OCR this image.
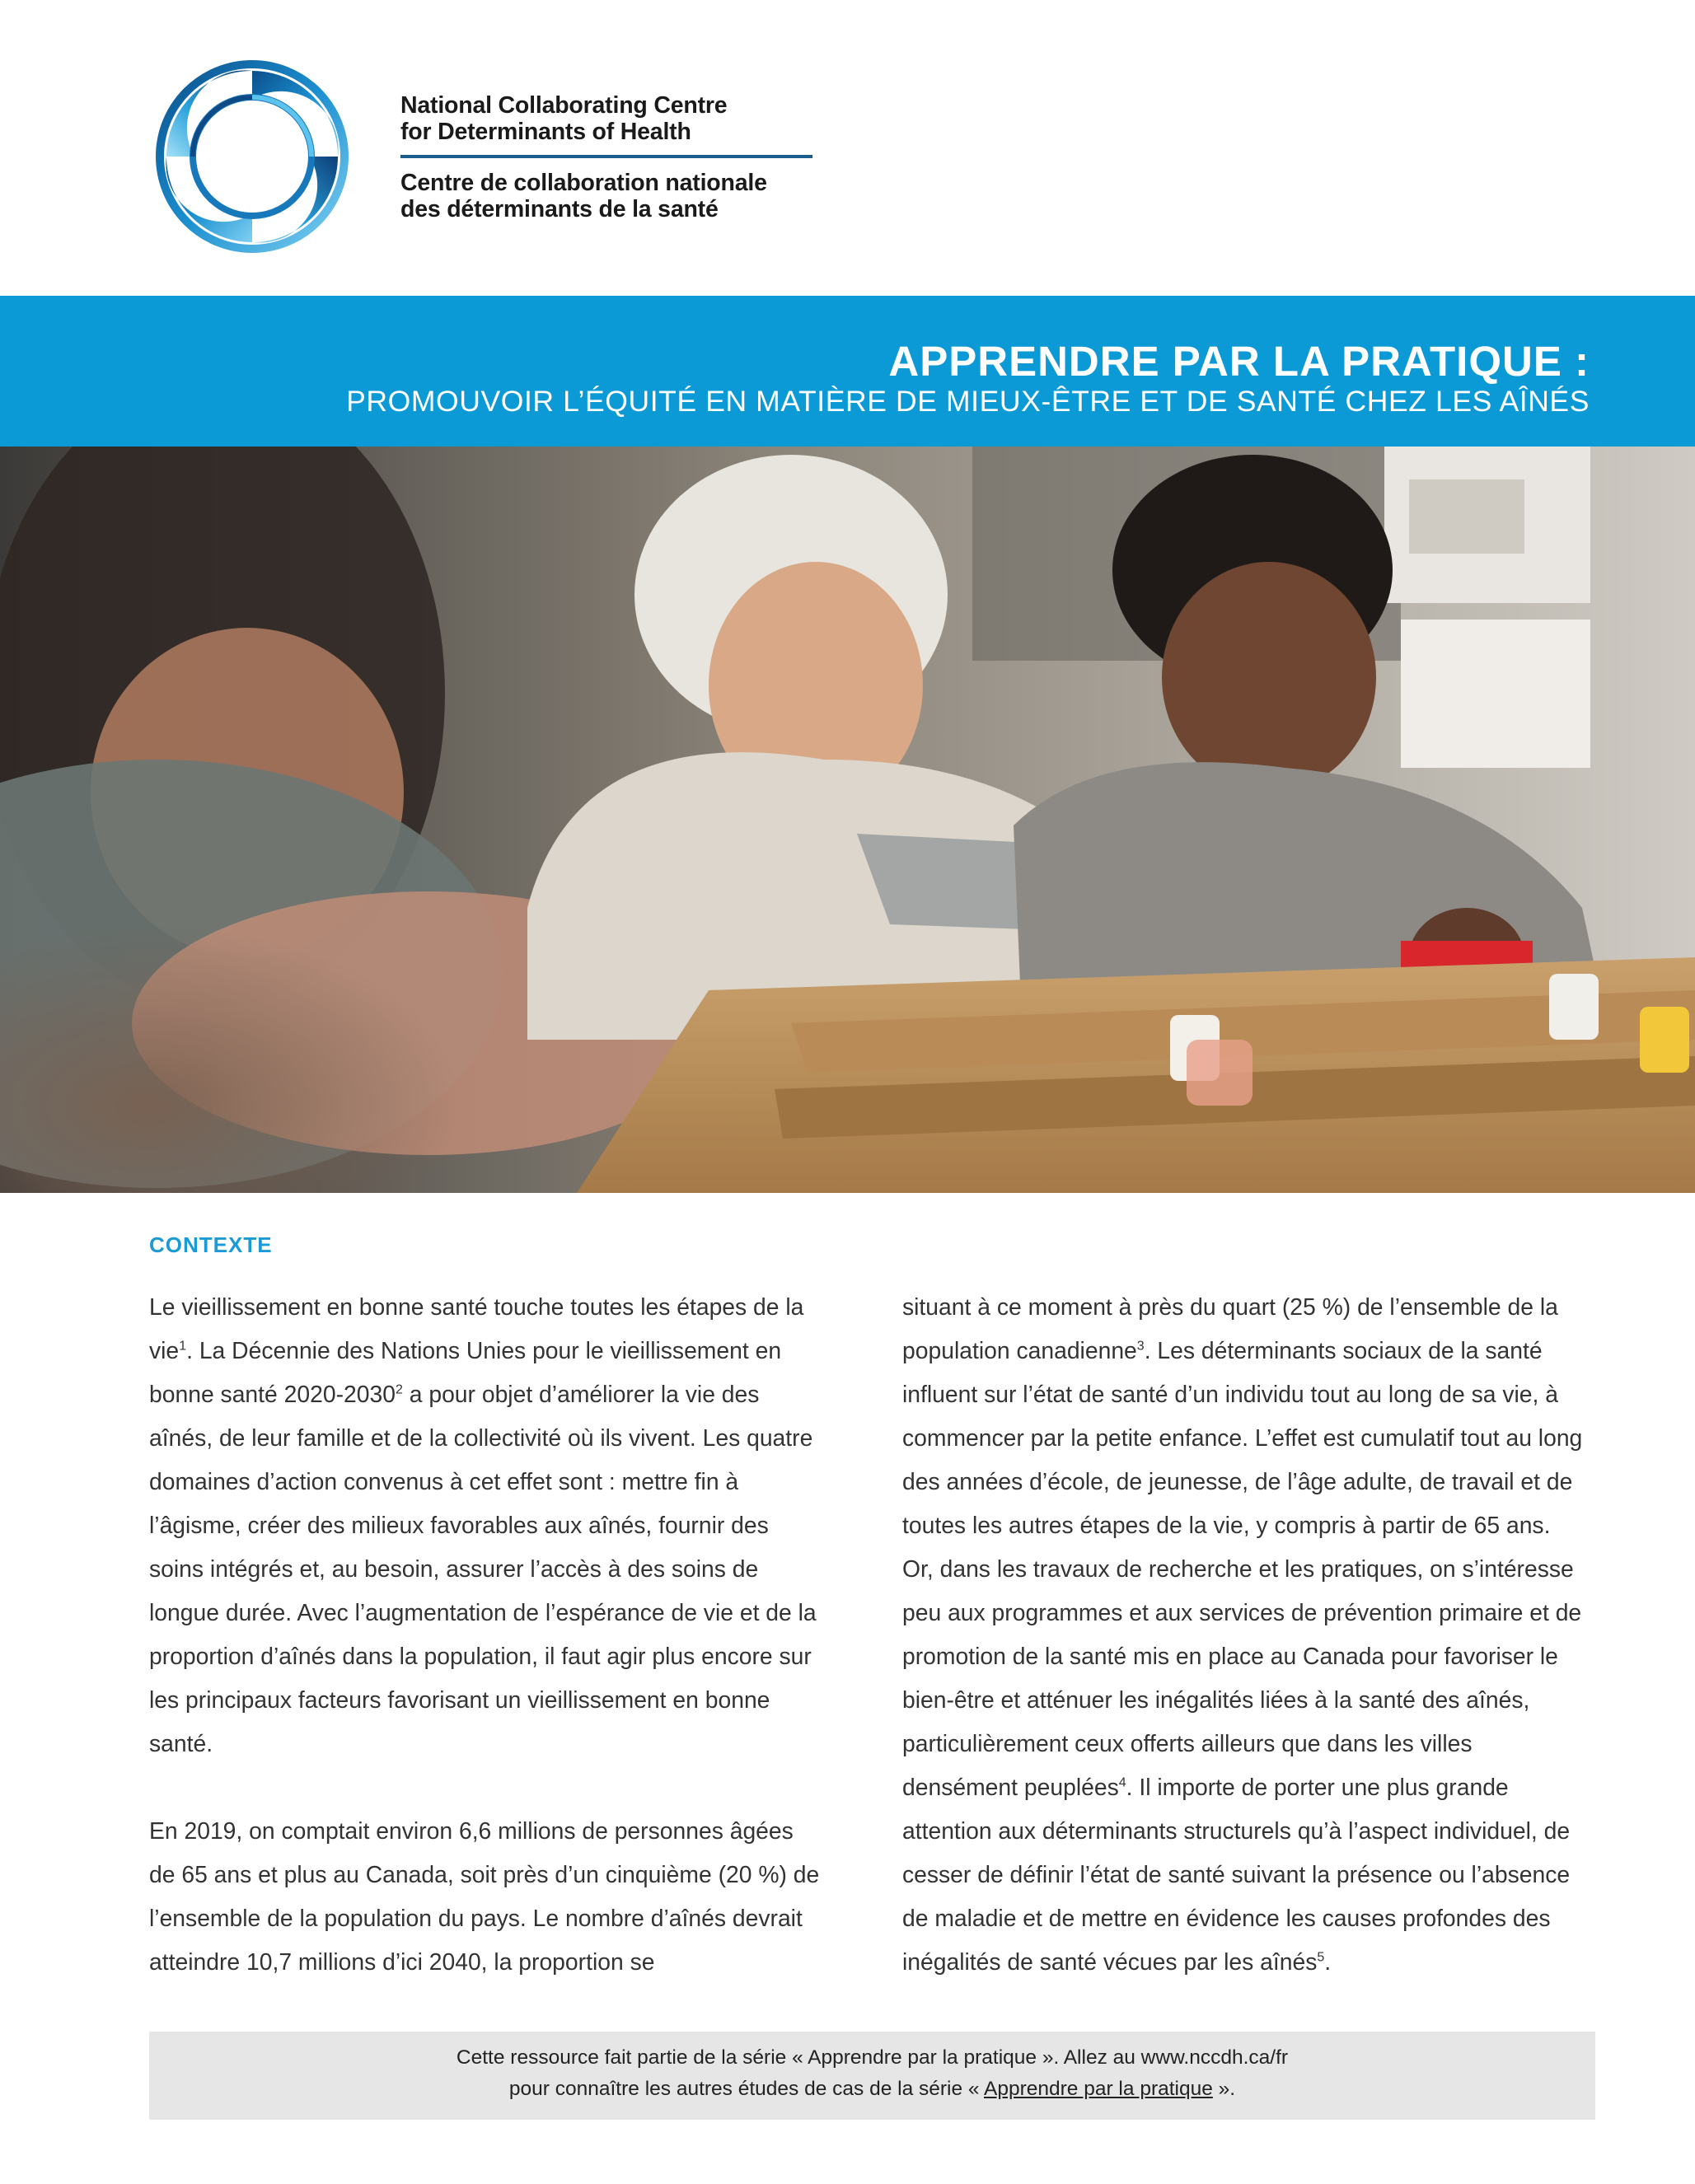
National Collaborating Centre
for Determinants of Health
Centre de collaboration nationale
des déterminants de la santé
APPRENDRE PAR LA PRATIQUE :
PROMOUVOIR L’ÉQUITÉ EN MATIÈRE DE MIEUX-ÊTRE ET DE SANTÉ CHEZ LES AÎNÉS
CONTEXTE

Le vieillissement en bonne santé touche toutes les étapes de la vie$^1$. La Décennie des Nations Unies pour le vieillissement en bonne santé 2020-2030$^2$ a pour objet d’améliorer la vie des aînés, de leur famille et de la collectivité où ils vivent. Les quatre domaines d’action convenus à cet effet sont : mettre fin à l’âgisme, créer des milieux favorables aux aînés, fournir des soins intégrés et, au besoin, assurer l’accès à des soins de longue durée. Avec l’augmentation de l’espérance de vie et de la proportion d’aînés dans la population, il faut agir plus encore sur les principaux facteurs favorisant un vieillissement en bonne santé.

En 2019, on comptait environ 6,6 millions de personnes âgées de 65 ans et plus au Canada, soit près d’un cinquième (20 %) de l’ensemble de la population du pays. Le nombre d’aînés devrait atteindre 10,7 millions d’ici 2040, la proportion se

situant à ce moment à près du quart (25 %) de l’ensemble de la population canadienne$^3$. Les déterminants sociaux de la santé influent sur l’état de santé d’un individu tout au long de sa vie, à commencer par la petite enfance. L’effet est cumulatif tout au long des années d’école, de jeunesse, de l’âge adulte, de travail et de toutes les autres étapes de la vie, y compris à partir de 65 ans. Or, dans les travaux de recherche et les pratiques, on s’intéresse peu aux programmes et aux services de prévention primaire et de promotion de la santé mis en place au Canada pour favoriser le bien-être et atténuer les inégalités liées à la santé des aînés, particulièrement ceux offerts ailleurs que dans les villes densément peuplées$^4$. Il importe de porter une plus grande attention aux déterminants structurels qu’à l’aspect individuel, de cesser de définir l’état de santé suivant la présence ou l’absence de maladie et de mettre en évidence les causes profondes des inégalités de santé vécues par les aînés$^5$.

Cette ressource fait partie de la série « Apprendre par la pratique ». Allez au www.nccdh.ca/fr
pour connaître les autres études de cas de la série « Apprendre par la pratique ».
